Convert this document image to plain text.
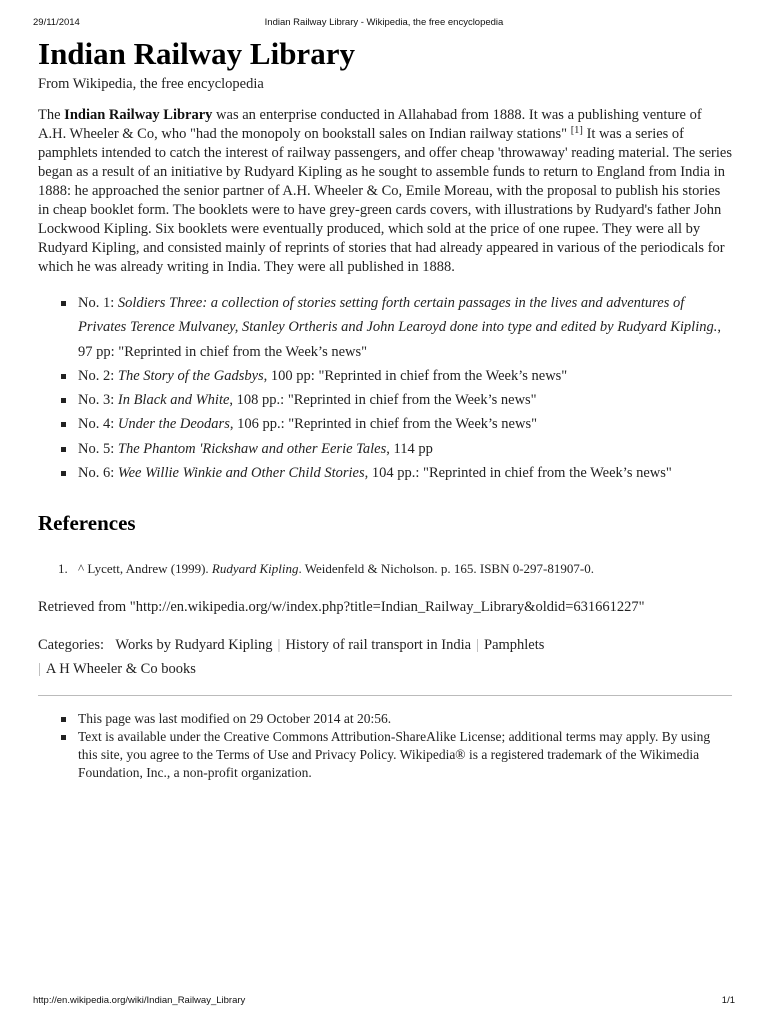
29/11/2014	Indian Railway Library - Wikipedia, the free encyclopedia
Indian Railway Library
From Wikipedia, the free encyclopedia

The Indian Railway Library was an enterprise conducted in Allahabad from 1888. It was a publishing venture of A.H. Wheeler & Co, who "had the monopoly on bookstall sales on Indian railway stations" [1] It was a series of pamphlets intended to catch the interest of railway passengers, and offer cheap 'throwaway' reading material. The series began as a result of an initiative by Rudyard Kipling as he sought to assemble funds to return to England from India in 1888: he approached the senior partner of A.H. Wheeler & Co, Emile Moreau, with the proposal to publish his stories in cheap booklet form. The booklets were to have grey-green cards covers, with illustrations by Rudyard's father John Lockwood Kipling. Six booklets were eventually produced, which sold at the price of one rupee. They were all by Rudyard Kipling, and consisted mainly of reprints of stories that had already appeared in various of the periodicals for which he was already writing in India. They were all published in 1888.

No. 1: Soldiers Three: a collection of stories setting forth certain passages in the lives and adventures of Privates Terence Mulvaney, Stanley Ortheris and John Learoyd done into type and edited by Rudyard Kipling., 97 pp: "Reprinted in chief from the Week’s news"
No. 2: The Story of the Gadsbys, 100 pp: "Reprinted in chief from the Week’s news"
No. 3: In Black and White, 108 pp.: "Reprinted in chief from the Week’s news"
No. 4: Under the Deodars, 106 pp.: "Reprinted in chief from the Week’s news"
No. 5: The Phantom 'Rickshaw and other Eerie Tales, 114 pp
No. 6: Wee Willie Winkie and Other Child Stories, 104 pp.: "Reprinted in chief from the Week’s news"
References
1. ^ Lycett, Andrew (1999). Rudyard Kipling. Weidenfeld & Nicholson. p. 165. ISBN 0-297-81907-0.
Retrieved from "http://en.wikipedia.org/w/index.php?title=Indian_Railway_Library&oldid=631661227"
Categories: Works by Rudyard Kipling | History of rail transport in India | Pamphlets
| A H Wheeler & Co books
This page was last modified on 29 October 2014 at 20:56.
Text is available under the Creative Commons Attribution-ShareAlike License; additional terms may apply. By using this site, you agree to the Terms of Use and Privacy Policy. Wikipedia® is a registered trademark of the Wikimedia Foundation, Inc., a non-profit organization.
http://en.wikipedia.org/wiki/Indian_Railway_Library	1/1
